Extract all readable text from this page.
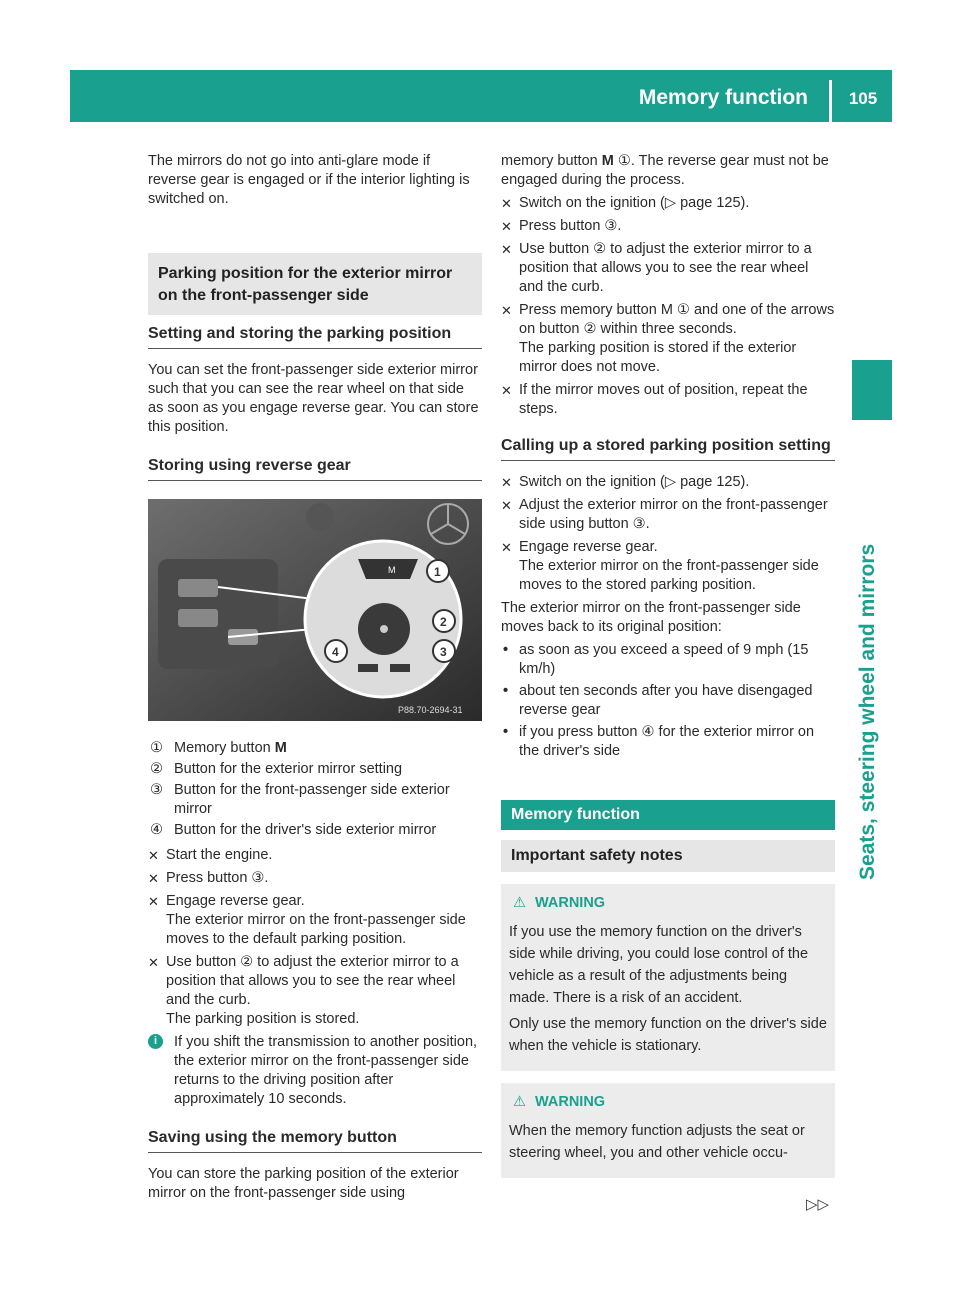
Memory function	105
Seats, steering wheel and mirrors

The mirrors do not go into anti-glare mode if reverse gear is engaged or if the interior lighting is switched on.

Parking position for the exterior mirror on the front-passenger side
Setting and storing the parking position

You can set the front-passenger side exterior mirror such that you can see the rear wheel on that side as soon as you engage reverse gear. You can store this position.

Storing using reverse gear
M	1
2
3
4
P88.70-2694-31
① Memory button M
② Button for the exterior mirror setting
③ Button for the front-passenger side exterior mirror
④ Button for the driver's side exterior mirror
✕ Start the engine.
✕ Press button ③.
✕ Engage reverse gear.
The exterior mirror on the front-passenger side moves to the default parking position.
✕ Use button ② to adjust the exterior mirror to a position that allows you to see the rear wheel and the curb.
The parking position is stored.
i	If you shift the transmission to another position, the exterior mirror on the front-passenger side returns to the driving position after approximately 10 seconds.
Saving using the memory button

You can store the parking position of the exterior mirror on the front-passenger side using

memory button M ①. The reverse gear must not be engaged during the process.

✕ Switch on the ignition (▷ page 125).
✕ Press button ③.
✕ Use button ② to adjust the exterior mirror to a position that allows you to see the rear wheel and the curb.
✕ Press memory button M ① and one of the arrows on button ② within three seconds.
The parking position is stored if the exterior mirror does not move.
✕ If the mirror moves out of position, repeat the steps.
Calling up a stored parking position setting
✕ Switch on the ignition (▷ page 125).
✕ Adjust the exterior mirror on the front-passenger side using button ③.
✕ Engage reverse gear.
The exterior mirror on the front-passenger side moves to the stored parking position.

The exterior mirror on the front-passenger side moves back to its original position:

• as soon as you exceed a speed of 9 mph (15 km/h)
• about ten seconds after you have disengaged reverse gear
• if you press button ④ for the exterior mirror on the driver's side
Memory function
Important safety notes
⚠ WARNING

If you use the memory function on the driver's side while driving, you could lose control of the vehicle as a result of the adjustments being made. There is a risk of an accident.

Only use the memory function on the driver's side when the vehicle is stationary.

⚠ WARNING

When the memory function adjusts the seat or steering wheel, you and other vehicle occu-

▷▷
